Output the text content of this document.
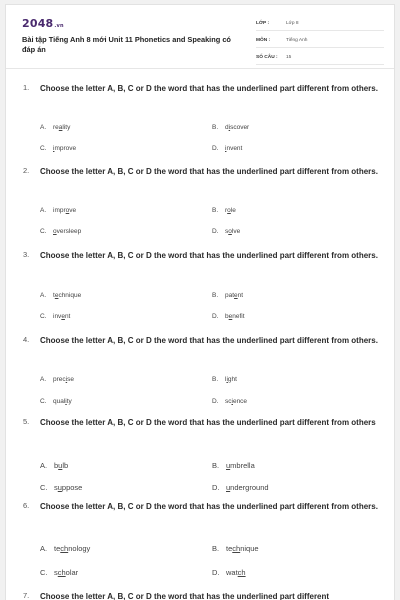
2048.vn
Bài tập Tiếng Anh 8 mới Unit 11 Phonetics and Speaking có đáp án
LỚP :	Lớp 8
MÔN :	Tiếng Anh
SỐ CÂU :	15
1. Choose the letter A, B, C or D the word that has the underlined part different from others.
A.	reality	B.	discover
C.	improve	D.	invent
2. Choose the letter A, B, C or D the word that has the underlined part different from others.
A.	improve	B.	role
C.	oversleep	D.	solve
3. Choose the letter A, B, C or D the word that has the underlined part different from others.
A.	technique	B.	patent
C.	invent	D.	benefit
4. Choose the letter A, B, C or D the word that has the underlined part different from others.
A.	precise	B.	light
C.	quality	D.	science
5. Choose the letter A, B, C or D the word that has the underlined part different from others
A. bulb	B. umbrella
C. suppose	D. underground
6. Choose the letter A, B, C or D the word that has the underlined part different from others.
A. technology	B. technique
C. scholar	D. watch
7. Choose the letter A, B, C or D the word that has the underlined part different
